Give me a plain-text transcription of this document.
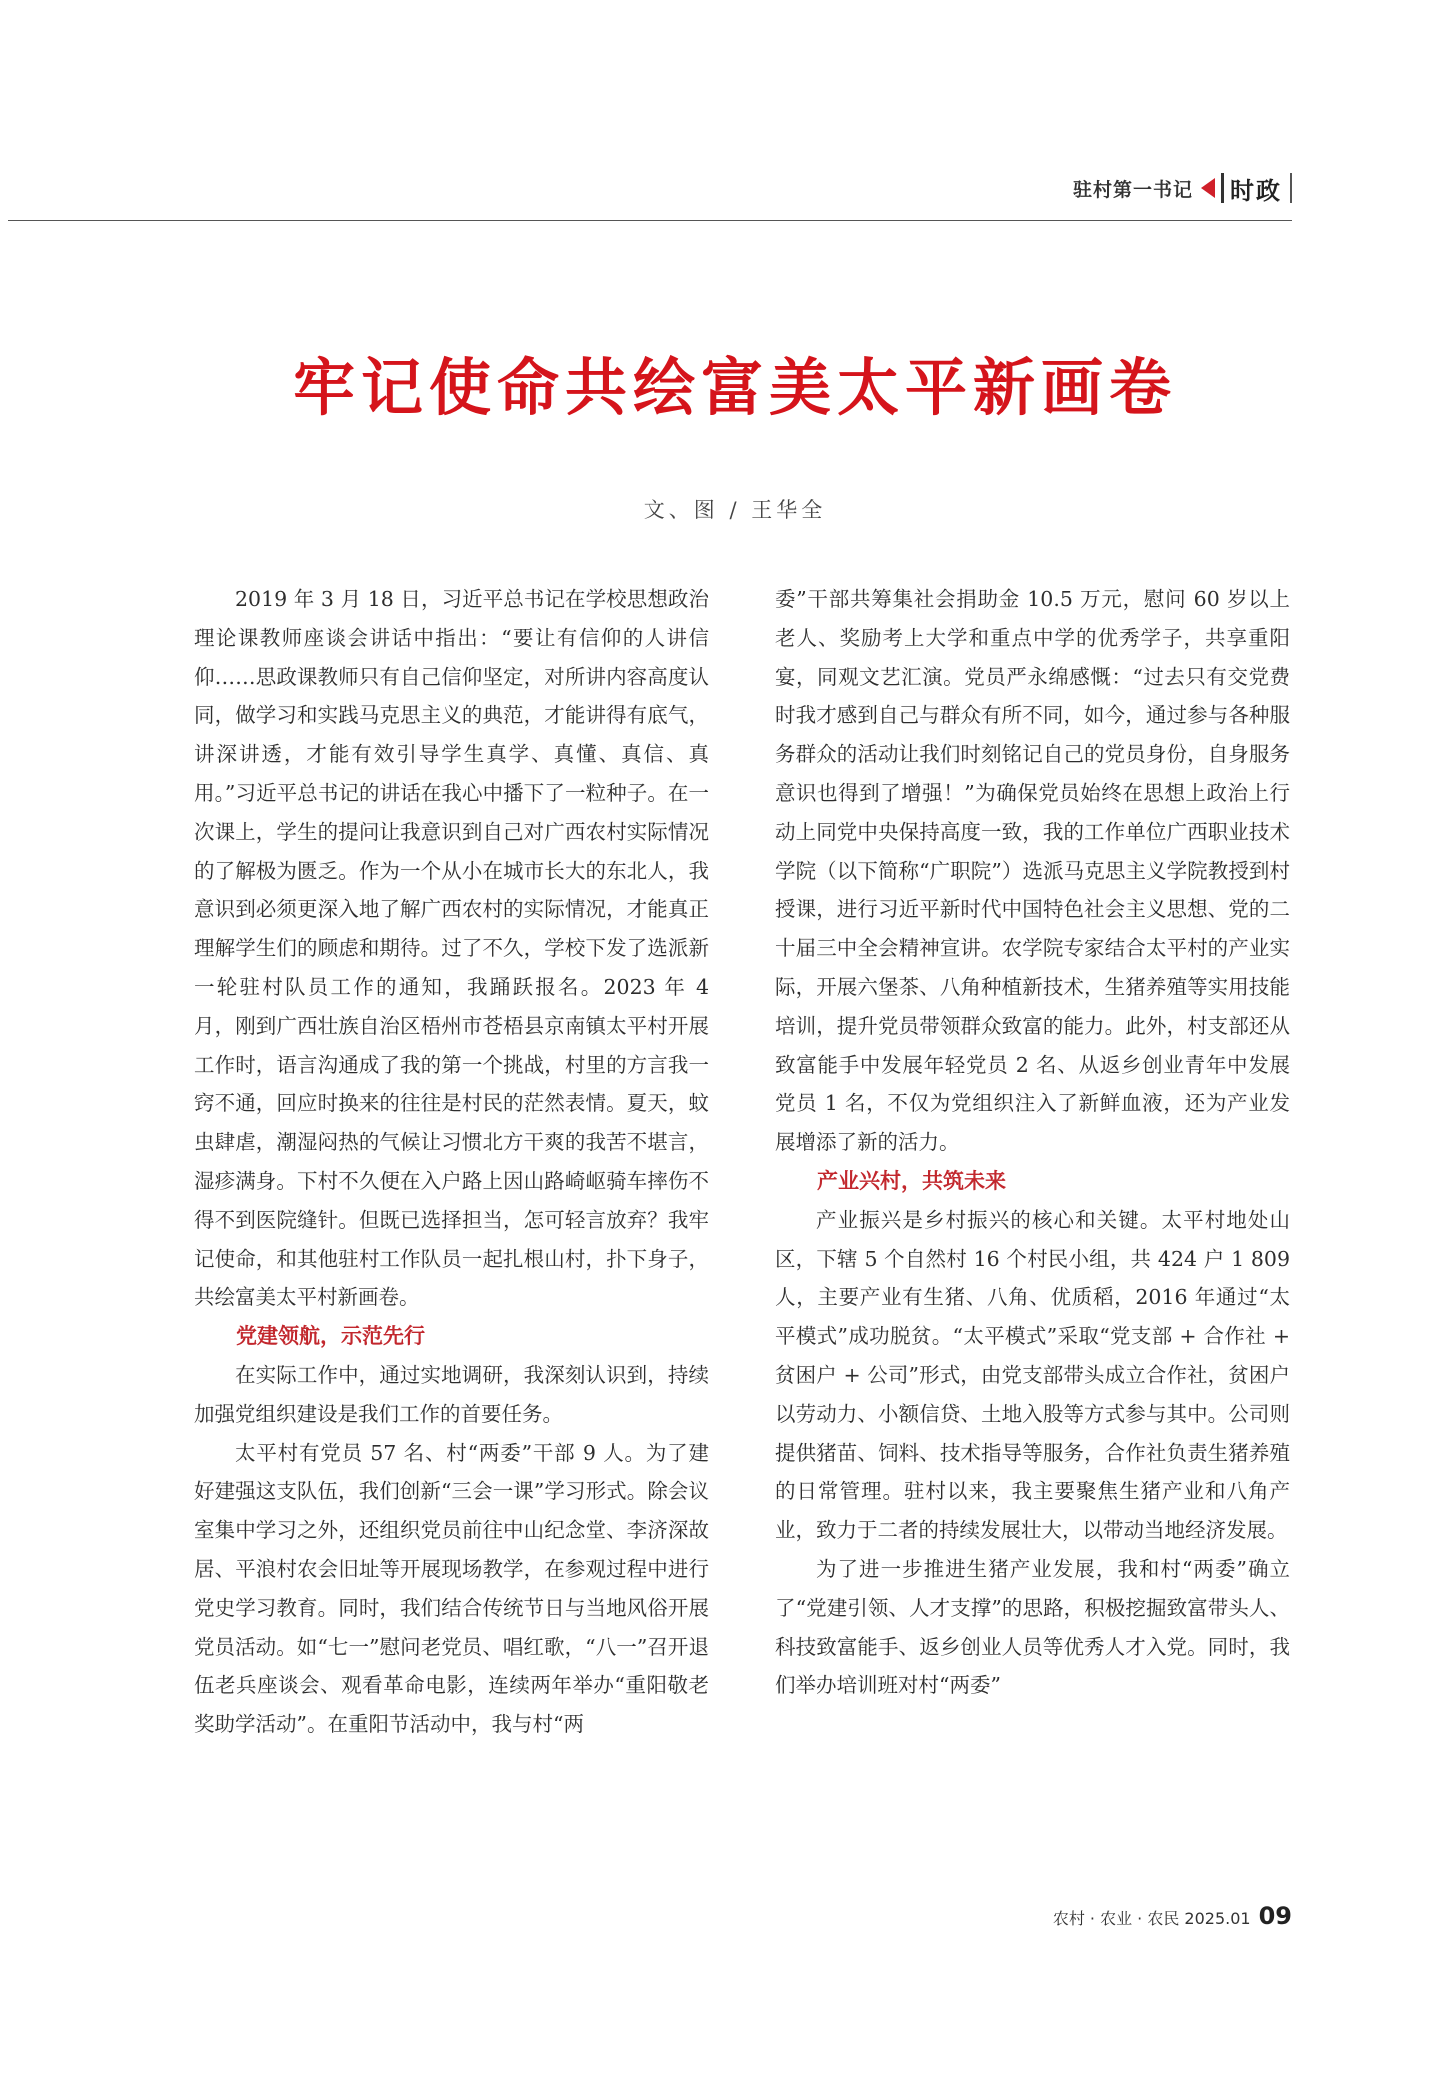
驻村第一书记 时政
牢记使命共绘富美太平新画卷
文、图 / 王华全

2019 年 3 月 18 日，习近平总书记在学校思想政治理论课教师座谈会讲话中指出：“要让有信仰的人讲信仰……思政课教师只有自己信仰坚定，对所讲内容高度认同，做学习和实践马克思主义的典范，才能讲得有底气，讲深讲透，才能有效引导学生真学、真懂、真信、真用。”习近平总书记的讲话在我心中播下了一粒种子。在一次课上，学生的提问让我意识到自己对广西农村实际情况的了解极为匮乏。作为一个从小在城市长大的东北人，我意识到必须更深入地了解广西农村的实际情况，才能真正理解学生们的顾虑和期待。过了不久，学校下发了选派新一轮驻村队员工作的通知，我踊跃报名。2023 年 4 月，刚到广西壮族自治区梧州市苍梧县京南镇太平村开展工作时，语言沟通成了我的第一个挑战，村里的方言我一窍不通，回应时换来的往往是村民的茫然表情。夏天，蚊虫肆虐，潮湿闷热的气候让习惯北方干爽的我苦不堪言，湿疹满身。下村不久便在入户路上因山路崎岖骑车摔伤不得不到医院缝针。但既已选择担当，怎可轻言放弃？我牢记使命，和其他驻村工作队员一起扎根山村，扑下身子，共绘富美太平村新画卷。

党建领航，示范先行

在实际工作中，通过实地调研，我深刻认识到，持续加强党组织建设是我们工作的首要任务。

太平村有党员 57 名、村“两委”干部 9 人。为了建好建强这支队伍，我们创新“三会一课”学习形式。除会议室集中学习之外，还组织党员前往中山纪念堂、李济深故居、平浪村农会旧址等开展现场教学，在参观过程中进行党史学习教育。同时，我们结合传统节日与当地风俗开展党员活动。如“七一”慰问老党员、唱红歌，“八一”召开退伍老兵座谈会、观看革命电影，连续两年举办“重阳敬老奖助学活动”。在重阳节活动中，我与村“两

委”干部共筹集社会捐助金 10.5 万元，慰问 60 岁以上老人、奖励考上大学和重点中学的优秀学子，共享重阳宴，同观文艺汇演。党员严永绵感慨：“过去只有交党费时我才感到自己与群众有所不同，如今，通过参与各种服务群众的活动让我们时刻铭记自己的党员身份，自身服务意识也得到了增强！”为确保党员始终在思想上政治上行动上同党中央保持高度一致，我的工作单位广西职业技术学院（以下简称“广职院”）选派马克思主义学院教授到村授课，进行习近平新时代中国特色社会主义思想、党的二十届三中全会精神宣讲。农学院专家结合太平村的产业实际，开展六堡茶、八角种植新技术，生猪养殖等实用技能培训，提升党员带领群众致富的能力。此外，村支部还从致富能手中发展年轻党员 2 名、从返乡创业青年中发展党员 1 名，不仅为党组织注入了新鲜血液，还为产业发展增添了新的活力。

产业兴村，共筑未来

产业振兴是乡村振兴的核心和关键。太平村地处山区，下辖 5 个自然村 16 个村民小组，共 424 户 1 809 人，主要产业有生猪、八角、优质稻，2016 年通过“太平模式”成功脱贫。“太平模式”采取“党支部 + 合作社 + 贫困户 + 公司”形式，由党支部带头成立合作社，贫困户以劳动力、小额信贷、土地入股等方式参与其中。公司则提供猪苗、饲料、技术指导等服务，合作社负责生猪养殖的日常管理。驻村以来，我主要聚焦生猪产业和八角产业，致力于二者的持续发展壮大，以带动当地经济发展。

为了进一步推进生猪产业发展，我和村“两委”确立了“党建引领、人才支撑”的思路，积极挖掘致富带头人、科技致富能手、返乡创业人员等优秀人才入党。同时，我们举办培训班对村“两委”

农村 · 农业 · 农民 2025.01 09
